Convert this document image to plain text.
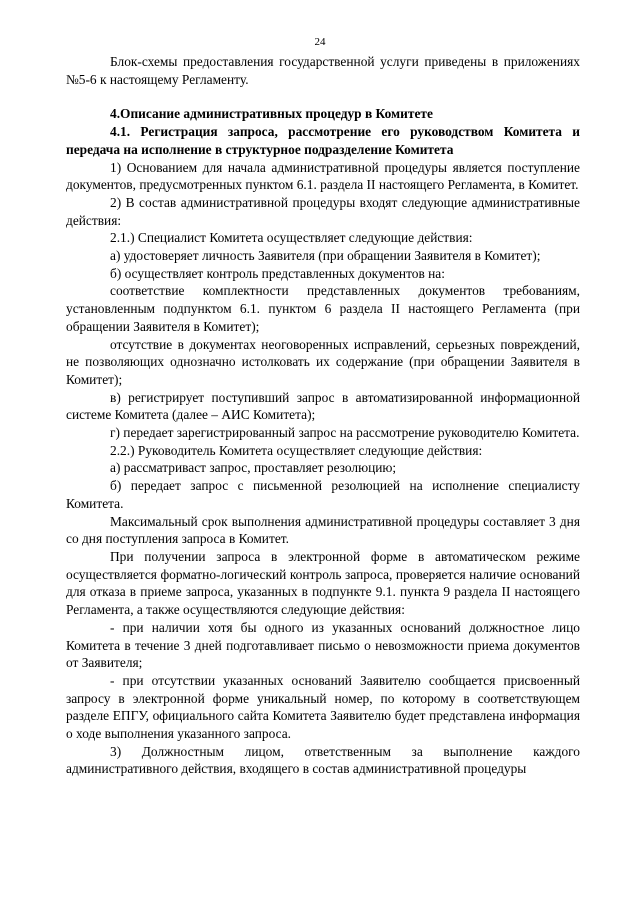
24

Блок-схемы предоставления государственной услуги приведены в приложениях №5-6 к настоящему Регламенту.

4.Описание административных процедур в Комитете

4.1. Регистрация запроса, рассмотрение его руководством Комитета и передача на исполнение в структурное подразделение Комитета

1) Основанием для начала административной процедуры является поступление документов, предусмотренных пунктом 6.1. раздела II настоящего Регламента, в Комитет.

2) В состав административной процедуры входят следующие административные действия:

2.1.) Специалист Комитета осуществляет следующие действия:

а) удостоверяет личность Заявителя (при обращении Заявителя в Комитет);

б) осуществляет контроль представленных документов на:

соответствие комплектности представленных документов требованиям, установленным подпунктом 6.1. пунктом 6 раздела II настоящего Регламента (при обращении Заявителя в Комитет);

отсутствие в документах неоговоренных исправлений, серьезных повреждений, не позволяющих однозначно истолковать их содержание (при обращении Заявителя в Комитет);

в) регистрирует поступивший запрос в автоматизированной информационной системе Комитета (далее – АИС Комитета);

г) передает зарегистрированный запрос на рассмотрение руководителю Комитета.

2.2.) Руководитель Комитета осуществляет следующие действия:

а) рассматриваст запрос, проставляет резолюцию;

б) передает запрос с письменной резолюцией на исполнение специалисту Комитета.

Максимальный срок выполнения административной процедуры составляет 3 дня со дня поступления запроса в Комитет.

При получении запроса в электронной форме в автоматическом режиме осуществляется форматно-логический контроль запроса, проверяется наличие оснований для отказа в приеме запроса, указанных в подпункте 9.1. пункта 9 раздела II настоящего Регламента, а также осуществляются следующие действия:

- при наличии хотя бы одного из указанных оснований должностное лицо Комитета в течение 3 дней подготавливает письмо о невозможности приема документов от Заявителя;

- при отсутствии указанных оснований Заявителю сообщается присвоенный запросу в электронной форме уникальный номер, по которому в соответствующем разделе ЕПГУ, официального сайта Комитета Заявителю будет представлена информация о ходе выполнения указанного запроса.

3) Должностным лицом, ответственным за выполнение каждого административного действия, входящего в состав административной процедуры
